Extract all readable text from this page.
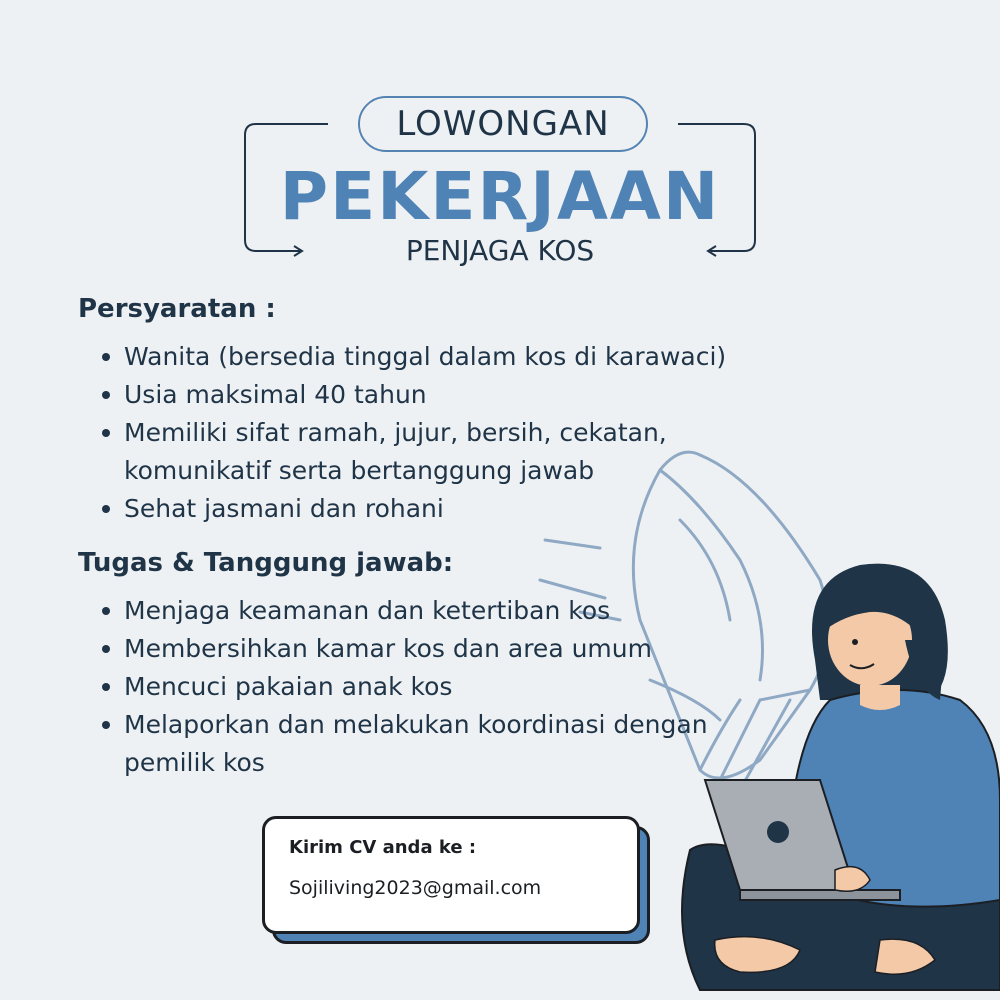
LOWONGAN
PEKERJAAN
PENJAGA KOS
Persyaratan :
Wanita (bersedia tinggal dalam kos di karawaci)
Usia maksimal 40 tahun
Memiliki sifat ramah, jujur, bersih, cekatan, komunikatif serta bertanggung jawab
Sehat jasmani dan rohani
Tugas & Tanggung jawab:
Menjaga keamanan dan ketertiban kos
Membersihkan kamar kos dan area umum
Mencuci pakaian anak kos
Melaporkan dan melakukan koordinasi dengan pemilik kos
Kirim CV anda ke :
Sojiliving2023@gmail.com
